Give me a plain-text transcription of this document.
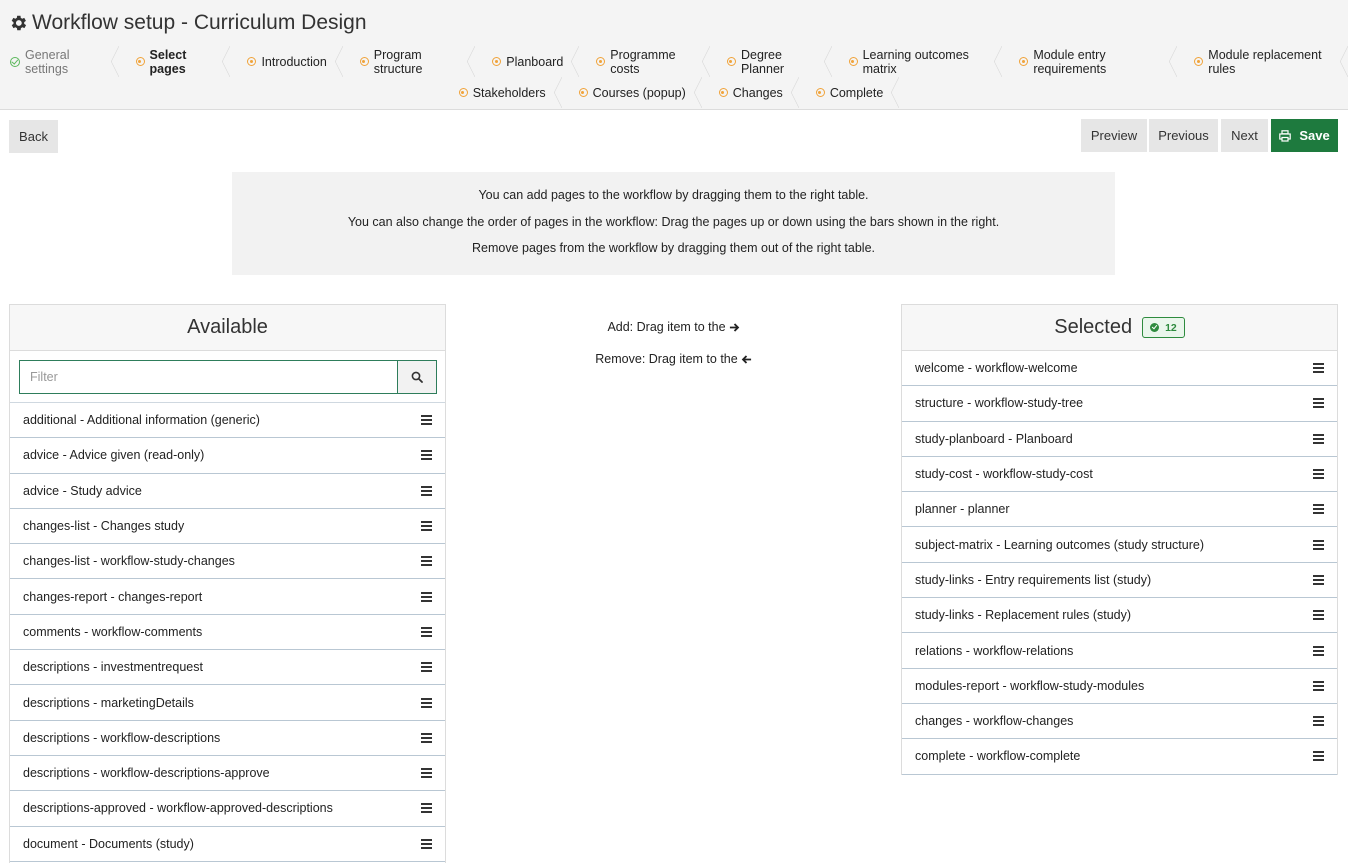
Workflow setup - Curriculum Design
General settings
Select pages	Introduction	Program structure	Planboard	Programme costs
Degree Planner
Learning outcomes matrix
Module entry requirements
Module replacement rules
Stakeholders	Courses (popup)	Changes	Complete
Back	Preview	Previous	Next	Save

You can add pages to the workflow by dragging them to the right table.

You can also change the order of pages in the workflow: Drag the pages up or down using the bars shown in the right.

Remove pages from the workflow by dragging them out of the right table.

Available
Filter
additional - Additional information (generic)
advice - Advice given (read-only)
advice - Study advice
changes-list - Changes study
changes-list - workflow-study-changes
changes-report - changes-report
comments - workflow-comments
descriptions - investmentrequest
descriptions - marketingDetails
descriptions - workflow-descriptions
descriptions - workflow-descriptions-approve
descriptions-approved - workflow-approved-descriptions
document - Documents (study)
Add: Drag item to the
Remove: Drag item to the
Selected	12
welcome - workflow-welcome
structure - workflow-study-tree
study-planboard - Planboard
study-cost - workflow-study-cost
planner - planner
subject-matrix - Learning outcomes (study structure)
study-links - Entry requirements list (study)
study-links - Replacement rules (study)
relations - workflow-relations
modules-report - workflow-study-modules
changes - workflow-changes
complete - workflow-complete
